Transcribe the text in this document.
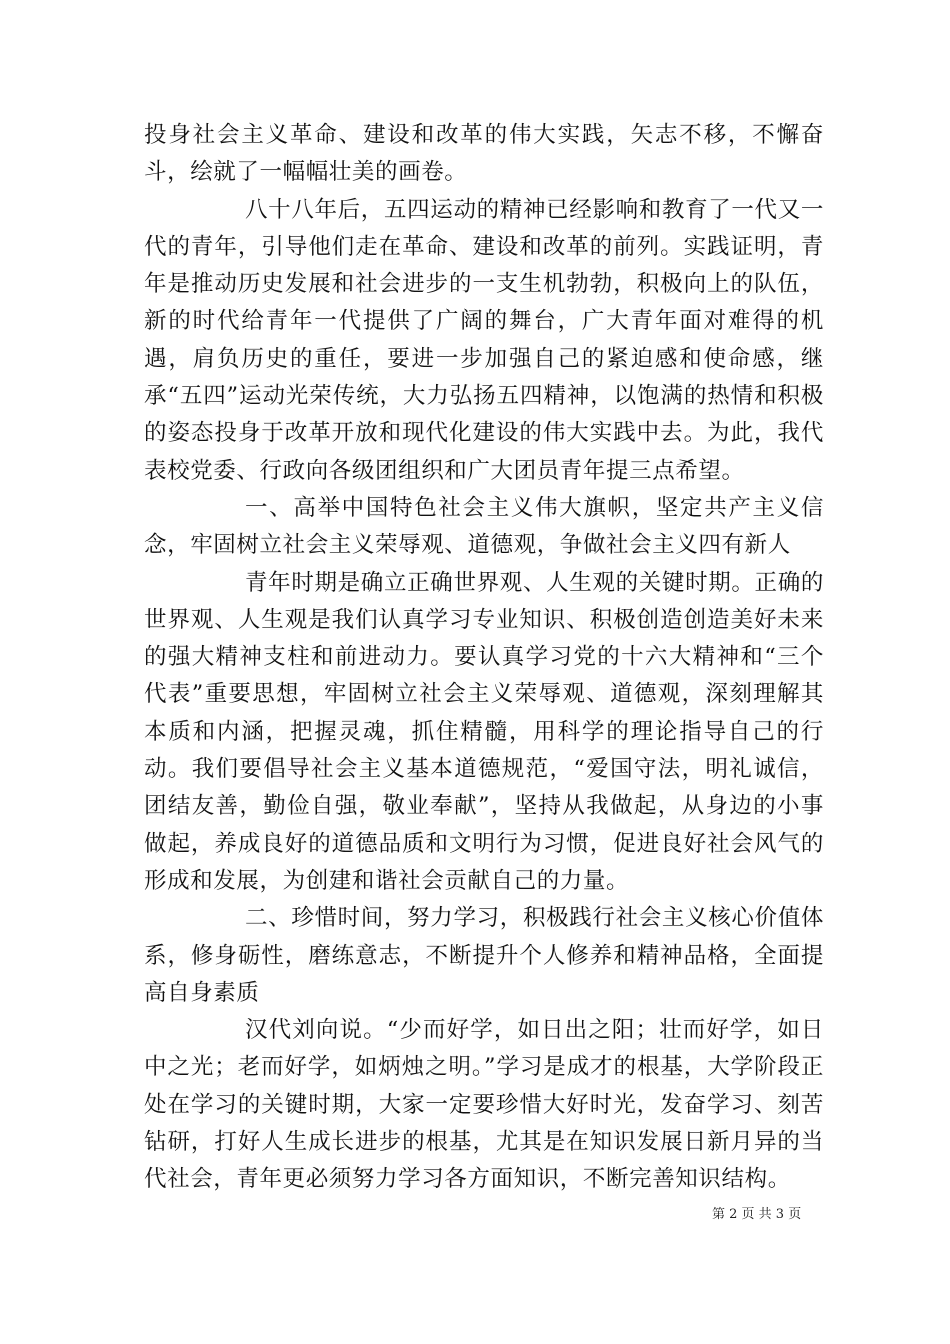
投身社会主义革命、建设和改革的伟大实践，矢志不移，不懈奋斗，绘就了一幅幅壮美的画卷。

八十八年后，五四运动的精神已经影响和教育了一代又一代的青年，引导他们走在革命、建设和改革的前列。实践证明，青年是推动历史发展和社会进步的一支生机勃勃，积极向上的队伍，新的时代给青年一代提供了广阔的舞台，广大青年面对难得的机遇，肩负历史的重任，要进一步加强自己的紧迫感和使命感，继承“五四”运动光荣传统，大力弘扬五四精神，以饱满的热情和积极的姿态投身于改革开放和现代化建设的伟大实践中去。为此，我代表校党委、行政向各级团组织和广大团员青年提三点希望。

一、高举中国特色社会主义伟大旗帜，坚定共产主义信念，牢固树立社会主义荣辱观、道德观，争做社会主义四有新人

青年时期是确立正确世界观、人生观的关键时期。正确的世界观、人生观是我们认真学习专业知识、积极创造创造美好未来的强大精神支柱和前进动力。要认真学习党的十六大精神和“三个代表”重要思想，牢固树立社会主义荣辱观、道德观，深刻理解其本质和内涵，把握灵魂，抓住精髓，用科学的理论指导自己的行动。我们要倡导社会主义基本道德规范，“爱国守法，明礼诚信，团结友善，勤俭自强，敬业奉献”，坚持从我做起，从身边的小事做起，养成良好的道德品质和文明行为习惯，促进良好社会风气的形成和发展，为创建和谐社会贡献自己的力量。

二、珍惜时间，努力学习，积极践行社会主义核心价值体系，修身砺性，磨练意志，不断提升个人修养和精神品格，全面提高自身素质

汉代刘向说。“少而好学，如日出之阳；壮而好学，如日中之光；老而好学，如炳烛之明。”学习是成才的根基，大学阶段正处在学习的关键时期，大家一定要珍惜大好时光，发奋学习、刻苦钻研，打好人生成长进步的根基，尤其是在知识发展日新月异的当代社会，青年更必须努力学习各方面知识，不断完善知识结构。

第 2 页 共 3 页
